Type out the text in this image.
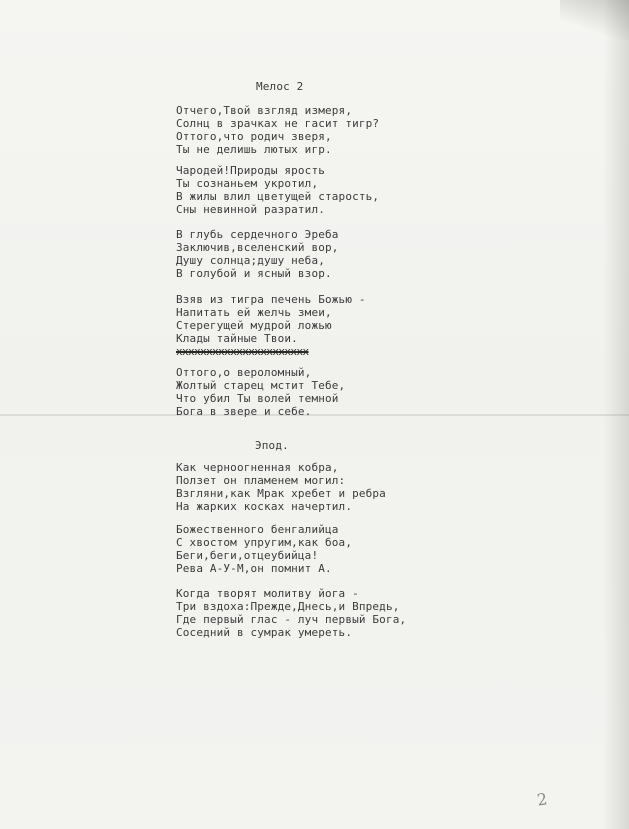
Мелос 2
Отчего,Твой взгляд измеря,
Солнц в зрачках не гасит тигр?
Оттого,что родич зверя,
Ты не делишь лютых игр.
Чародей!Природы ярость
Ты сознаньем укротил,
В жилы влил цветущей старость,
Сны невинной разратил.
В глубь сердечного Эреба
Заключив,вселенский вор,
Душу солнца;душу неба,
В голубой и ясный взор.
Взяв из тигра печень Божью -
Напитать ей желчь змеи,
Стерегущей мудрой ложью
Клады тайные Твои.
хххххххххххххххххххххх
Оттого,о вероломный,
Жолтый старец мстит Тебе,
Что убил Ты волей темной
Бога в звере и себе.
Эпод.
Как черноогненная кобра,
Ползет он пламенем могил:
Взгляни,как Мрак хребет и ребра
На жарких косках начертил.
Божественного бенгалийца
С хвостом упругим,как боа,
Беги,беги,отцеубийца!
Рева А-У-М,он помнит А.
Когда творят молитву йога -
Три вздоха:Прежде,Днесь,и Впредь,
Где первый глас - луч первый Бога,
Соседний в сумрак умереть.
2
